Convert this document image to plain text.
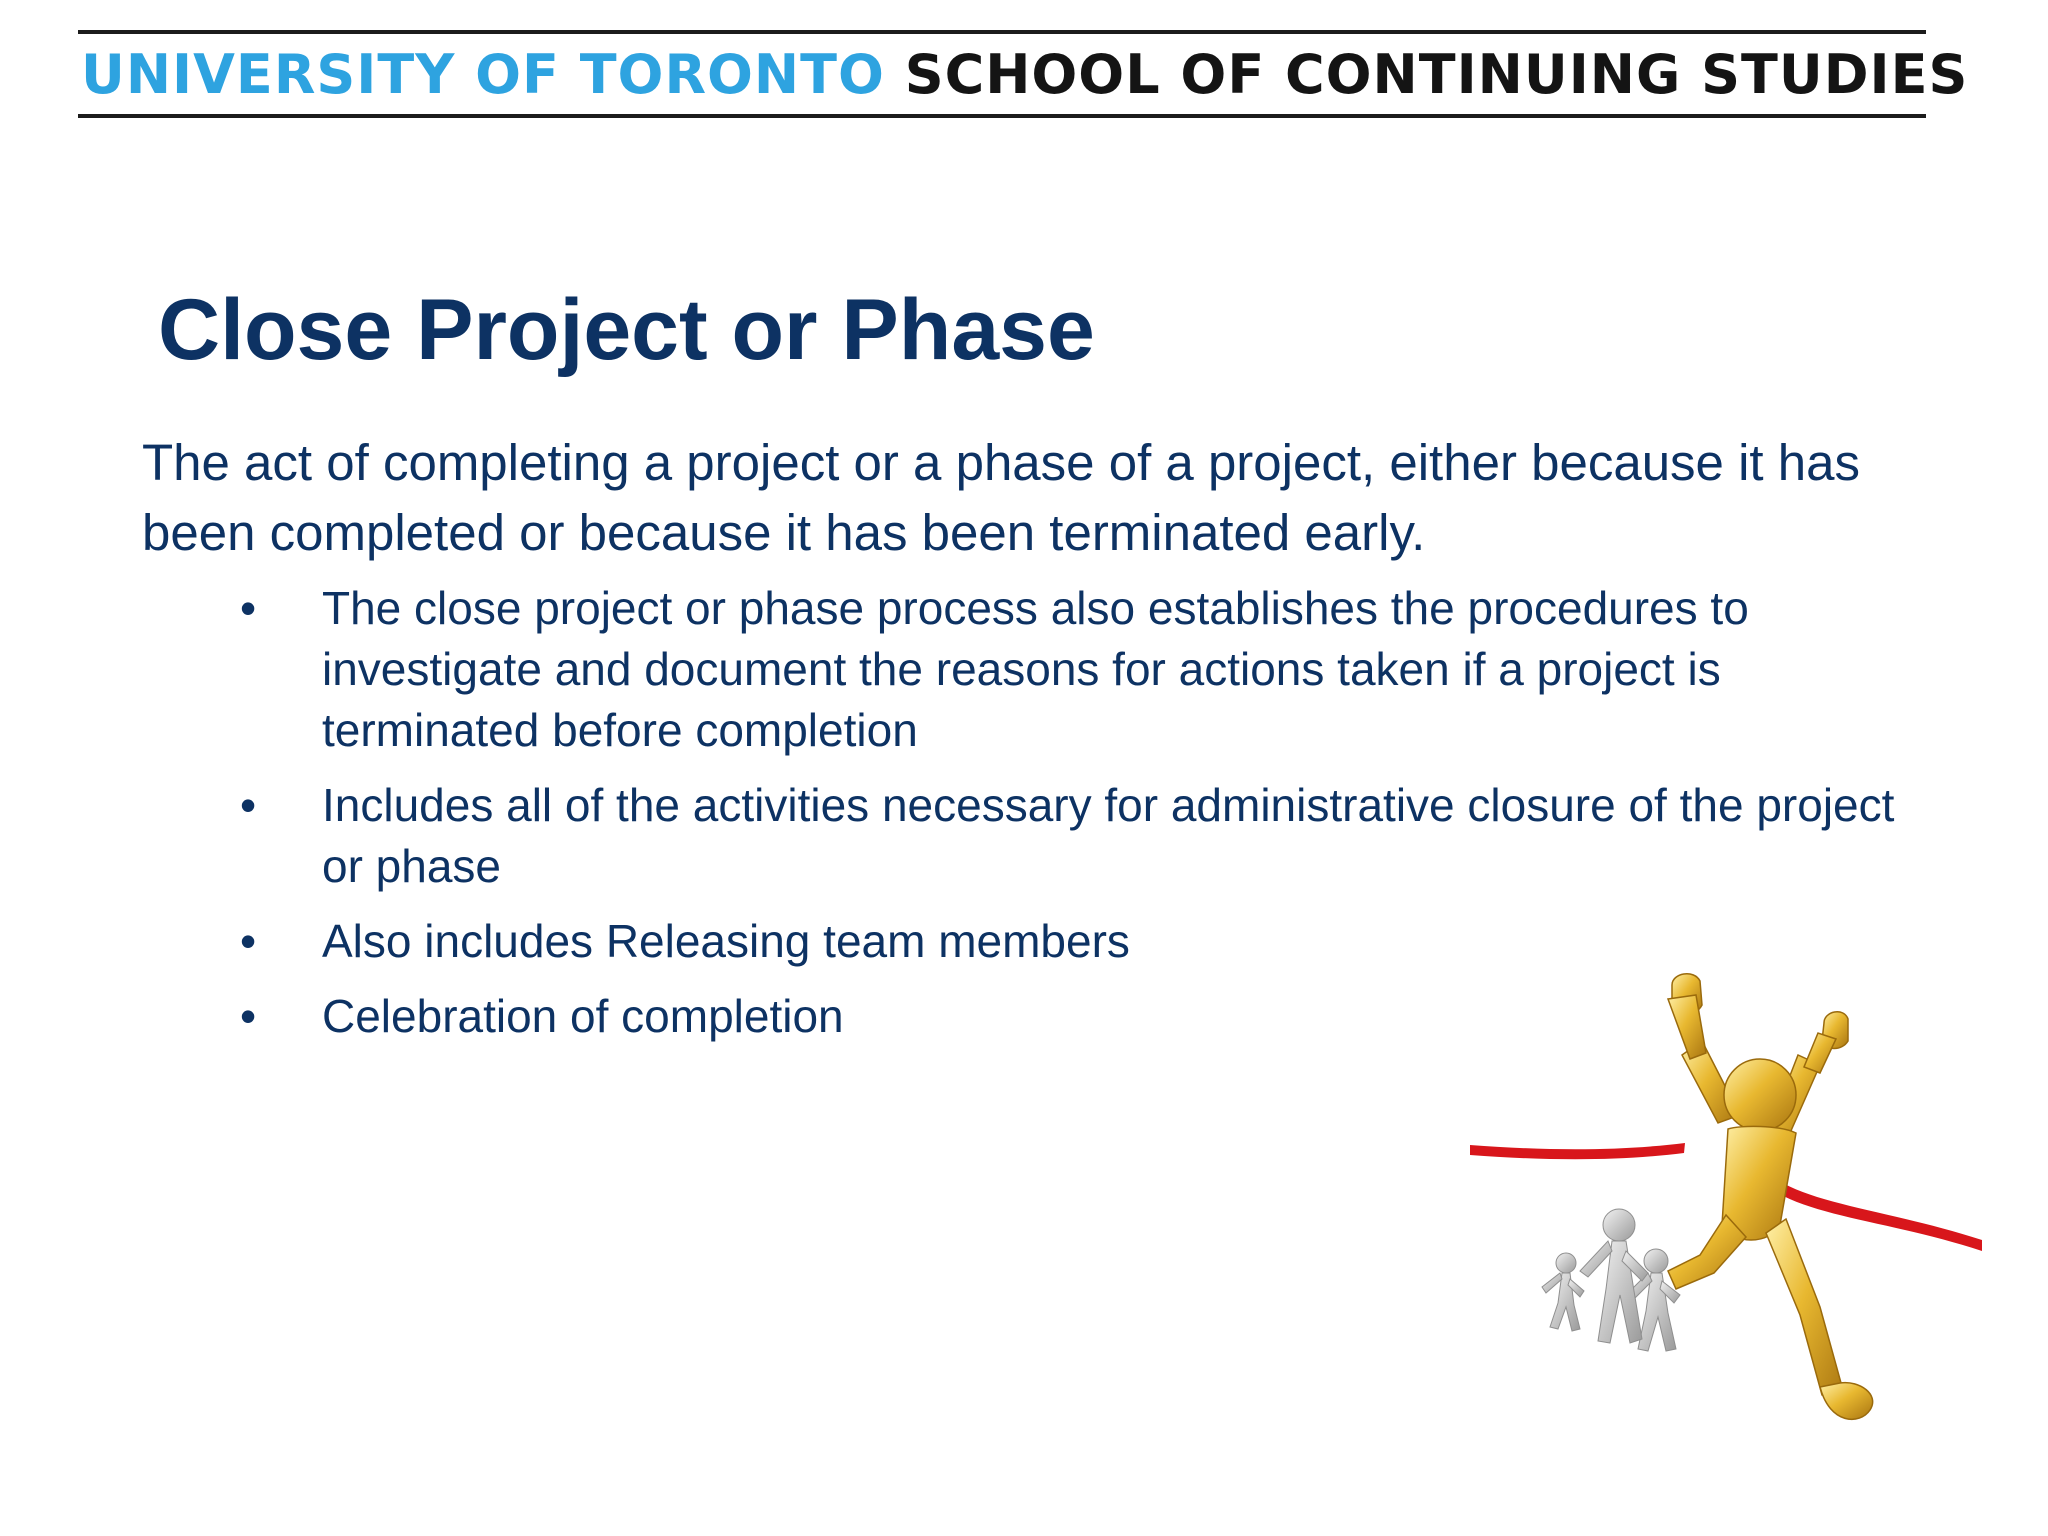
UNIVERSITY OF TORONTO SCHOOL OF CONTINUING STUDIES
Close Project or Phase

The act of completing a project or a phase of a project, either because it has been completed or because it has been terminated early.

• The close project or phase process also establishes the procedures to investigate and document the reasons for actions taken if a project is terminated before completion
• Includes all of the activities necessary for administrative closure of the project or phase
• Also includes Releasing team members
• Celebration of completion
